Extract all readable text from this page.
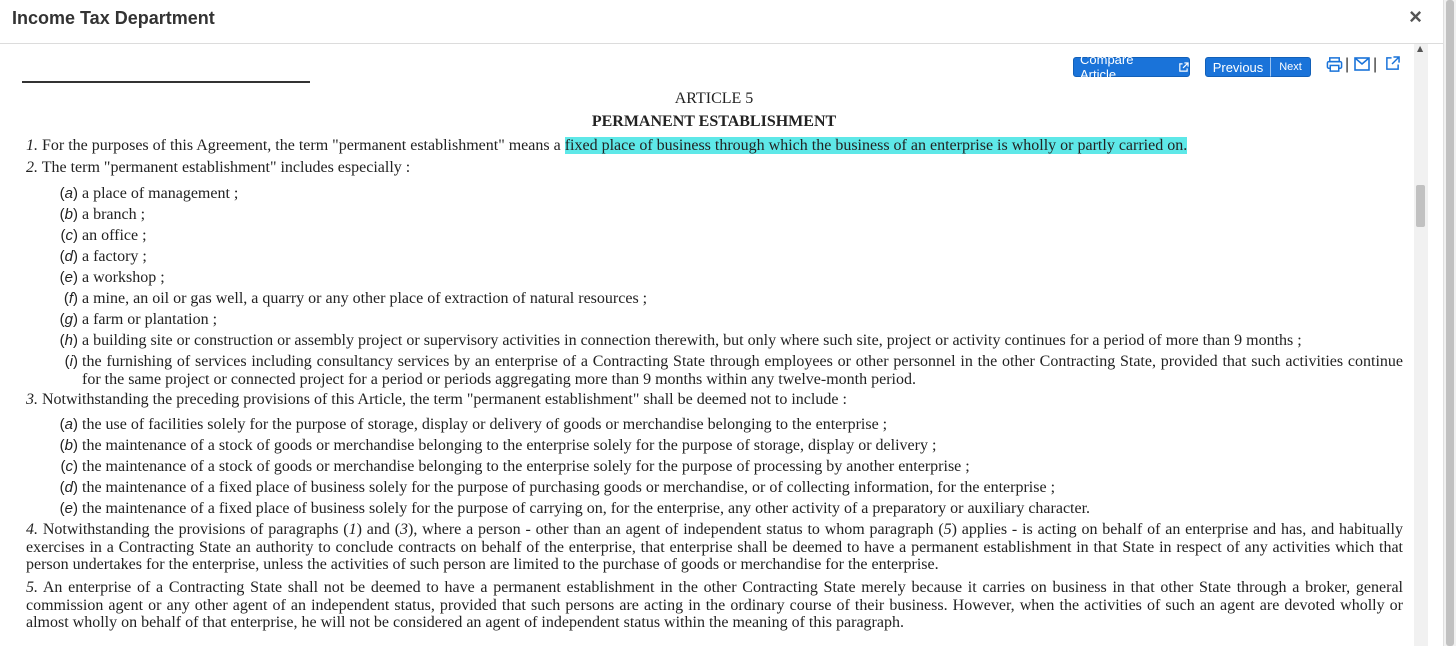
Income Tax Department	×
Compare Article	Previous	Next	| |
ARTICLE 5
PERMANENT ESTABLISHMENT
1. For the purposes of this Agreement, the term "permanent establishment" means a fixed place of business through which the business of an enterprise is wholly or partly carried on.
2. The term "permanent establishment" includes especially :
(a) a place of management ;
(b) a branch ;
(c) an office ;
(d) a factory ;
(e) a workshop ;
(f) a mine, an oil or gas well, a quarry or any other place of extraction of natural resources ;
(g) a farm or plantation ;
(h) a building site or construction or assembly project or supervisory activities in connection therewith, but only where such site, project or activity continues for a period of more than 9 months ;
(i) the furnishing of services including consultancy services by an enterprise of a Contracting State through employees or other personnel in the other Contracting State, provided that such activities continue for the same project or connected project for a period or periods aggregating more than 9 months within any twelve-month period.
3. Notwithstanding the preceding provisions of this Article, the term "permanent establishment" shall be deemed not to include :
(a) the use of facilities solely for the purpose of storage, display or delivery of goods or merchandise belonging to the enterprise ;
(b) the maintenance of a stock of goods or merchandise belonging to the enterprise solely for the purpose of storage, display or delivery ;
(c) the maintenance of a stock of goods or merchandise belonging to the enterprise solely for the purpose of processing by another enterprise ;
(d) the maintenance of a fixed place of business solely for the purpose of purchasing goods or merchandise, or of collecting information, for the enterprise ;
(e) the maintenance of a fixed place of business solely for the purpose of carrying on, for the enterprise, any other activity of a preparatory or auxiliary character.
4. Notwithstanding the provisions of paragraphs (1) and (3), where a person - other than an agent of independent status to whom paragraph (5) applies - is acting on behalf of an enterprise and has, and habitually exercises in a Contracting State an authority to conclude contracts on behalf of the enterprise, that enterprise shall be deemed to have a permanent establishment in that State in respect of any activities which that person undertakes for the enterprise, unless the activities of such person are limited to the purchase of goods or merchandise for the enterprise.
5. An enterprise of a Contracting State shall not be deemed to have a permanent establishment in the other Contracting State merely because it carries on business in that other State through a broker, general commission agent or any other agent of an independent status, provided that such persons are acting in the ordinary course of their business. However, when the activities of such an agent are devoted wholly or almost wholly on behalf of that enterprise, he will not be considered an agent of independent status within the meaning of this paragraph.
▲
